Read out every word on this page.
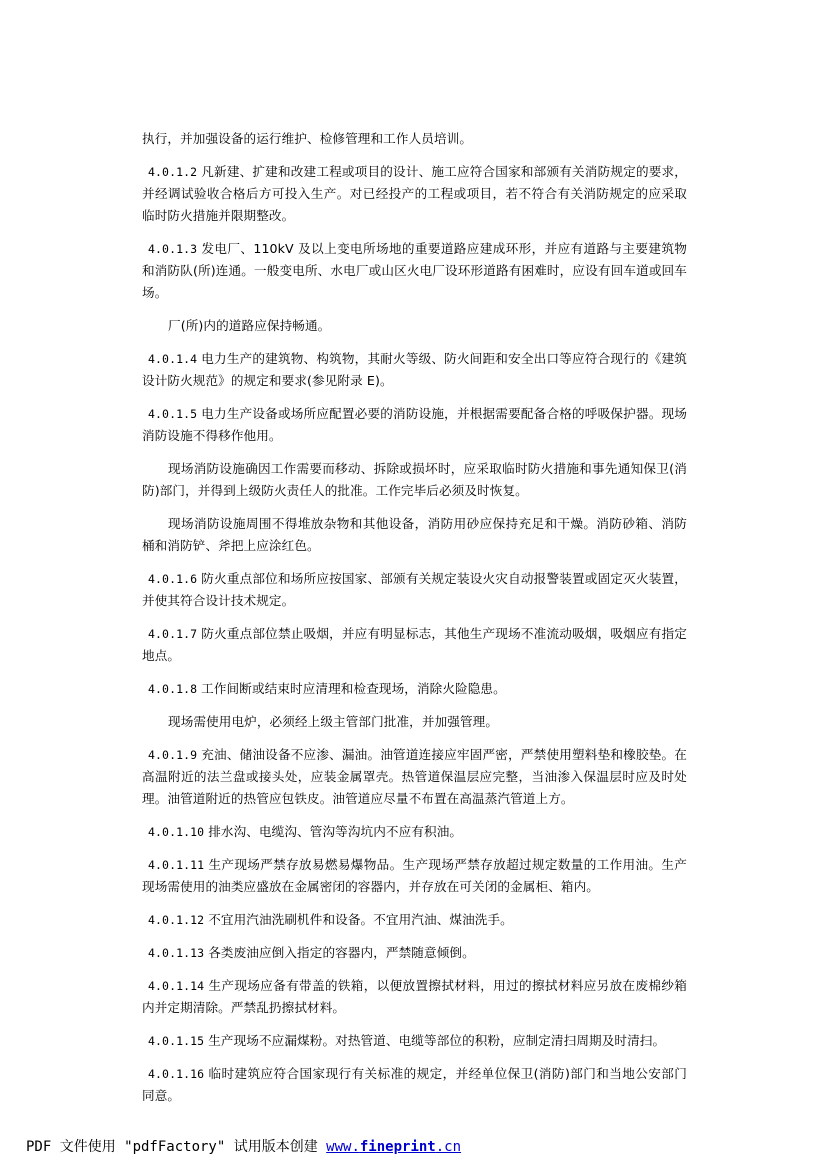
执行，并加强设备的运行维护、检修管理和工作人员培训。

4.0.1.2 凡新建、扩建和改建工程或项目的设计、施工应符合国家和部颁有关消防规定的要求，并经调试验收合格后方可投入生产。对已经投产的工程或项目，若不符合有关消防规定的应采取临时防火措施并限期整改。

4.0.1.3 发电厂、110kV 及以上变电所场地的重要道路应建成环形，并应有道路与主要建筑物和消防队(所)连通。一般变电所、水电厂或山区火电厂设环形道路有困难时，应设有回车道或回车场。

厂(所)内的道路应保持畅通。

4.0.1.4 电力生产的建筑物、构筑物，其耐火等级、防火间距和安全出口等应符合现行的《建筑设计防火规范》的规定和要求(参见附录 E)。

4.0.1.5 电力生产设备或场所应配置必要的消防设施，并根据需要配备合格的呼吸保护器。现场消防设施不得移作他用。

现场消防设施确因工作需要而移动、拆除或损坏时，应采取临时防火措施和事先通知保卫(消防)部门，并得到上级防火责任人的批准。工作完毕后必须及时恢复。

现场消防设施周围不得堆放杂物和其他设备，消防用砂应保持充足和干燥。消防砂箱、消防桶和消防铲、斧把上应涂红色。

4.0.1.6 防火重点部位和场所应按国家、部颁有关规定装设火灾自动报警装置或固定灭火装置，并使其符合设计技术规定。

4.0.1.7 防火重点部位禁止吸烟，并应有明显标志，其他生产现场不准流动吸烟，吸烟应有指定地点。

4.0.1.8 工作间断或结束时应清理和检查现场，消除火险隐患。

现场需使用电炉，必须经上级主管部门批准，并加强管理。

4.0.1.9 充油、储油设备不应渗、漏油。油管道连接应牢固严密，严禁使用塑料垫和橡胶垫。在高温附近的法兰盘或接头处，应装金属罩壳。热管道保温层应完整，当油渗入保温层时应及时处理。油管道附近的热管应包铁皮。油管道应尽量不布置在高温蒸汽管道上方。

4.0.1.10 排水沟、电缆沟、管沟等沟坑内不应有积油。

4.0.1.11 生产现场严禁存放易燃易爆物品。生产现场严禁存放超过规定数量的工作用油。生产现场需使用的油类应盛放在金属密闭的容器内，并存放在可关闭的金属柜、箱内。

4.0.1.12 不宜用汽油洗刷机件和设备。不宜用汽油、煤油洗手。

4.0.1.13 各类废油应倒入指定的容器内，严禁随意倾倒。

4.0.1.14 生产现场应备有带盖的铁箱，以便放置擦拭材料，用过的擦拭材料应另放在废棉纱箱内并定期清除。严禁乱扔擦拭材料。

4.0.1.15 生产现场不应漏煤粉。对热管道、电缆等部位的积粉，应制定清扫周期及时清扫。

4.0.1.16 临时建筑应符合国家现行有关标准的规定，并经单位保卫(消防)部门和当地公安部门同意。

PDF 文件使用 "pdfFactory" 试用版本创建 www.fineprint.cn
